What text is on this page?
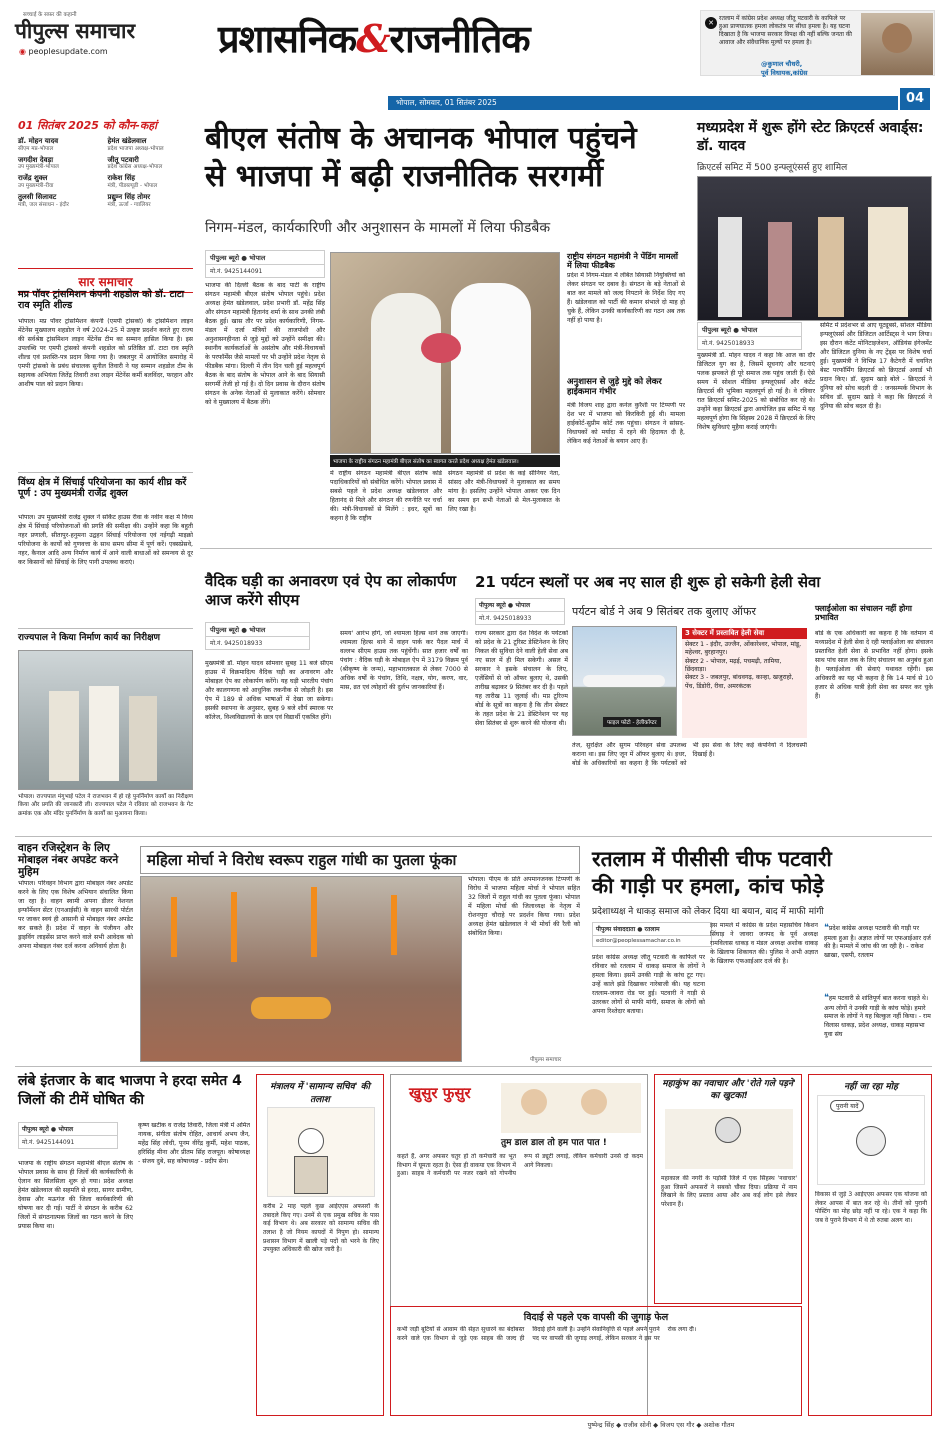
सच्चाई के सफ़र की कहानी
पीपुल्स समाचार
◉ peoplesupdate.com	प्रशासनिक&राजनीतिक
भोपाल, सोमवार, 01 सितंबर 2025	04
✕
रतलाम में कांग्रेस प्रदेश अध्यक्ष जीतू पटवारी के काफिले पर हुआ प्राणघातक हमला लोकतंत्र पर सीधा हमला है। यह घटना दिखाता है कि भाजपा सरकार विपक्ष की नहीं बल्कि जनता की आवाज और संवैधानिक मूल्यों पर हमला है।
@कुणाल चौधरी,
पूर्व विधायक,कांग्रेस
01 सितंबर 2025 को कौन-कहां
डॉ. मोहन यादव
सीएम मप्र-भोपाल
हेमंत खंडेलवाल
प्रदेश भाजपा अध्यक्ष-भोपाल
जगदीश देवड़ा
उप मुख्यमंत्री-भोपाल
जीतू पटवारी
प्रदेश कांग्रेस अध्यक्ष-भोपाल
राजेंद्र शुक्ल
उप मुख्यमंत्री-रीवा
राकेश सिंह
मंत्री, पीडब्ल्यूडी - भोपाल
तुलसी सिलावट
मंत्री, जल संसाधन - इंदौर
प्रद्युम्न सिंह तोमर
मंत्री, ऊर्जा - ग्वालियर
सार समाचार
मप्र पॉवर ट्रांसमिशन कंपनी शहडोल को डॉ. टाटा राव स्मृति शील्ड
भोपाल। मप्र पॉवर ट्रांसमिशन कंपनी (एमपी ट्रांसको) के ट्रांसमिशन लाइन मेंटेनेंस मुख्यालय शहडोल ने वर्ष 2024-25 में उत्कृष्ट प्रदर्शन करते हुए राज्य की सर्वश्रेष्ठ ट्रांसमिशन लाइन मेंटेनेंस टीम का सम्मान हासिल किया है। इस उपलब्धि पर एमपी ट्रांसको कंपनी शहडोल को प्रतिष्ठित डॉ. टाटा राव स्मृति शील्ड एवं प्रशस्ति-पत्र प्रदान किया गया है। जबलपुर में आयोजित समारोह में एमपी ट्रांसको के प्रबंध संचालक सुनील तिवारी ने यह सम्मान शहडोल टीम के सहायक अभियंता जितेंद्र तिवारी तथा लाइन मेंटेनेंस कर्मी बलविंदर, फरहान और आशीष पाल को प्रदान किया।
विंध्य क्षेत्र में सिंचाई परियोजना का कार्य शीघ्र करें पूर्ण : उप मुख्यमंत्री राजेंद्र शुक्ल
भोपाल। उप मुख्यमंत्री राजेंद्र शुक्ल ने सर्किट हाउस रीवा के नवीन कक्ष में विंध्य क्षेत्र में सिंचाई परियोजनाओं की प्रगति की समीक्षा की। उन्होंने कहा कि बहुती नहर प्रणाली, सीतापुर-हनुमना उद्वहन सिंचाई परियोजना एवं नईगढ़ी माइक्रो परियोजना के कार्यों को गुणवत्ता के साथ समय सीमा में पूर्ण करें। एक्सप्रेसवे, नहर, कैनाल आदि अन्य निर्माण कार्य में आने वाली बाधाओं को समन्वय से दूर कर किसानों को सिंचाई के लिए पानी उपलब्ध कराएं।
राज्यपाल ने किया निर्माण कार्य का निरीक्षण
भोपाल। राज्यपाल मंगुभाई पटेल ने राजभवन में हो रहे पुनर्निर्माण कार्यों का निरीक्षण किया और प्रगति की जानकारी ली। राज्यपाल पटेल ने रविवार को राजभवन के गेट क्रमांक एक और मंदिर पुनर्निर्माण के कार्यों का मुआयना किया।
बीएल संतोष के अचानक भोपाल पहुंचने
से भाजपा में बढ़ी राजनीतिक सरगर्मी
निगम-मंडल, कार्यकारिणी और अनुशासन के मामलों में लिया फीडबैक
पीपुल्स ब्यूरो ● भोपाल
मो.नं. 9425144091
भाजपा की दिल्ली बैठक के बाद पार्टी के राष्ट्रीय संगठन महामंत्री बीएल संतोष भोपाल पहुंचे। प्रदेश अध्यक्ष हेमंत खंडेलवाल, प्रदेश प्रभारी डॉ. महेंद्र सिंह और संगठन महामंत्री हितानंद शर्मा के साथ उनकी लंबी बैठक हुई। खास तौर पर प्रदेश कार्यकारिणी, निगम-मंडल में दर्जा मंत्रियों की ताजपोशी और अनुशासनहीनता से जुड़े मुद्दों को उन्होंने समीक्षा की। स्थानीय कार्यकर्ताओं के असंतोष और मंत्री-विधायकों के परफॉर्मेंस जैसे मामलों पर भी उन्होंने प्रदेश नेतृत्व से फीडबैक मांगा। दिल्ली में तीन दिन चली हुई महत्वपूर्ण बैठक के बाद संतोष के भोपाल आने के बाद सियासी सरगर्मी तेजी हो गई है। दो दिन प्रवास के दौरान संतोष संगठन के अनेक नेताओं से मुलाकात करेंगे। सोमवार को वे मुख्यालय में बैठक लेंगे।
भाजपा के राष्ट्रीय संगठन महामंत्री बीएल संतोष का स्वागत करते प्रदेश अध्यक्ष हेमंत खंडेलवाल।
में राष्ट्रीय संगठन महामंत्री बीएल संतोष कोर्ड पदाधिकारियों को संबोधित करेंगे। भोपाल प्रवास में सबसे पहले वे प्रदेश अध्यक्ष खंडेलवाल और हितानंद से मिले और संगठन की रणनीति पर चर्चा की। मंत्री-विधायकों से मिलेंगे : इधर, सूत्रों का कहना है कि राष्ट्रीय
संगठन महामंत्री से प्रदेश के कई सीनियर नेता, सांसद और मंत्री-विधायकों ने मुलाकात का समय मांगा है। इसलिए उन्होंने भोपाल आकर एक दिन का समय इन सभी नेताओं से मेल-मुलाकात के लिए रखा है।
राष्ट्रीय संगठन महामंत्री ने पेंडिंग मामलों में लिया फीडबैक
प्रदेश में निगम-मंडल में लंबित सियासी नियुक्तियों को लेकर संगठन पर दबाव है। संगठन के बड़े नेताओं से बात कर मामले को जल्द निपटाने के निर्देश दिए गए हैं। खंडेलवाल को पार्टी की कमान संभाले दो माह हो चुके हैं, लेकिन उनकी कार्यकारिणी का गठन अब तक नहीं हो पाया है।
अनुशासन से जुड़े मुद्दे को लेकर हाईकमान गंभीर
मंत्री विजय शाह द्वारा कर्नल कुरैशी पर टिप्पणी पर देश भर में भाजपा को किरकिरी हुई थी। मामला हाईकोर्ट-सुप्रीम कोर्ट तक पहुंचा। संगठन ने सांसद-विधायकों को मर्यादा में रहने की हिदायत दी है, लेकिन कई नेताओं के बयान आए हैं।
मध्यप्रदेश में शुरू होंगे स्टेट क्रिएटर्स अवार्ड्स: डॉ. यादव
क्रिएटर्स समिट में 500 इन्फ्लूएंसर्स हुए शामिल
पीपुल्स ब्यूरो ● भोपाल
मो.नं. 9425018933
मुख्यमंत्री डॉ. मोहन यादव ने कहा कि आज का दौर डिजिटल युग का है, जिसमें सूचनाएं और घटनाएं पलक झपकते ही पूरे समाज तक पहुंच जाती हैं। ऐसे समय में सोशल मीडिया इन्फ्लूएंसर्स और कंटेंट क्रिएटर्स की भूमिका महत्वपूर्ण हो गई है। वे रविवार रात क्रिएटर्स समिट-2025 को संबोधित कर रहे थे। उन्होंने कहा क्रिएटर्स द्वारा आयोजित इस समिट में यह महत्वपूर्ण होगा कि सिंहस्थ 2028 में क्रिएटर्स के लिए विशेष सुविधाएं मुहैया कराई जाएंगी।
समिट में प्रदेशभर से आए यूट्यूबर्स, सोशल मीडिया इन्फ्लूएंसर्स और डिजिटल आर्टिस्ट्स ने भाग लिया। इस दौरान कंटेंट मोनिटाइजेशन, ऑडियंस इंगेजमेंट और डिजिटल दुनिया के नए ट्रेंड्स पर विशेष चर्चा हुई। मुख्यमंत्री ने विभिन्न 17 कैटेगरी में चयनित बेस्ट परफॉर्मिंग क्रिएटर्स को क्रिएटर्स अवार्ड भी प्रदान किए। डॉ. सुदाम खाड़े बोले - क्रिएटर्स ने दुनिया को सोच बदली दी : जनसम्पर्क विभाग के सचिव डॉ. सुदाम खाड़े ने कहा कि क्रिएटर्स ने दुनिया की सोच बदल दी है।
वैदिक घड़ी का अनावरण एवं ऐप का लोकार्पण आज करेंगे सीएम
पीपुल्स ब्यूरो ● भोपाल
मो.नं. 9425018933
मुख्यमंत्री डॉ. मोहन यादव सोमवार सुबह 11 बजे सीएम हाउस में विक्रमादित्य वैदिक घड़ी का अनावरण और मोबाइल ऐप का लोकार्पण करेंगे। यह घड़ी भारतीय पंचांग और कालगणना को आधुनिक तकनीक से जोड़ती है। इस ऐप में 189 से अधिक भाषाओं में देखा जा सकेगा। इसकी स्थापना के अनुसार, सुबह 9 बजे शौर्य स्मारक पर कॉलेज, विश्वविद्यालयों के छात्र एवं विद्यार्थी एकत्रित होंगे।
समय' आरंभ होंगे, जो श्यामला हिल्स थाने तक जाएगी। श्यामला हिल्स थाने में वाहन पार्क कर पैदल मार्च में वल्लभ सीएम हाउस तक पहुंचेंगी। सात हजार वर्षों का पंचांग : वैदिक घड़ी के मोबाइल ऐप में 3179 विक्रम पूर्व (श्रीकृष्ण के जन्म), महाभारतकाल से लेकर 7000 से अधिक वर्षों के पंचांग, तिथि, नक्षत्र, योग, करण, वार, मास, व्रत एवं त्योहारों की दुर्लभ जानकारियां हैं।
21 पर्यटन स्थलों पर अब नए साल ही शुरू हो सकेगी हेली सेवा
पीपुल्स ब्यूरो ● भोपाल
मो.नं. 9425018933
पर्यटन बोर्ड ने अब 9 सितंबर तक बुलाए ऑफर
राज्य सरकार द्वारा देश विदेश के पर्यटकों को प्रदेश के 21 टूरिस्ट डेस्टिनेशन के लिए निकल की सुविधा देने वाली हेली सेवा अब नए साल में ही मिल सकेगी। असल में सरकार ने इसके संचालन के लिए, एजेंसियों से जो ऑफर बुलाए थे, उसकी तारीख बढ़ाकर 9 सितंबर कर दी है। पहले यह तारीख 11 जुलाई थी। मप्र टूरिज्म बोर्ड के सूत्रों का कहना है कि तीन सेक्टर के तहत प्रदेश के 21 डेस्टिनेशन पर यह सेवा सितंबर से शुरू करने की योजना थी।	फाइल फोटो - हेलीकॉप्टर
3 सेक्टर में प्रस्तावित हेली सेवा
सेक्टर 1 - इंदौर, उज्जैन, ओंकारेश्वर, भोपाल, मांडू, महेश्वर, बुरहानपुर।
सेक्टर 2 - भोपाल, मढ़ई, पचमढ़ी, तामिया, छिंदवाड़ा।
सेक्टर 3 - जबलपुर, बांधवगढ़, कान्हा, खजुराहो, पेंच, डिंडोरी, रीवा, अमरकंटक
तेज, सुरक्षित और सुगम परिवहन सेवा उपलब्ध कराना था। इस लिए जून में ऑफर बुलाए थे। इधर, बोर्ड के अधिकारियों का कहना है कि पर्यटकों को भी इस सेवा के लिए कई कंपनियों ने दिलचस्पी दिखाई है।
फ्लाईओला का संचालन नहीं होगा प्रभावित
बोर्ड के एक अधिकारी का कहना है कि वर्तमान में मध्यप्रदेश में हेली सेवा दे रही फ्लाईओला का संचालन प्रस्तावित हेली सेवा से प्रभावित नहीं होगा। इसके साथ पांच साल तक के लिए संचालन का अनुबंध हुआ है। फ्लाईओला की सेवाएं यथावत रहेंगी। इस अधिकारी का यह भी कहना है कि 14 मार्च से 10 हजार से अधिक यात्री हेली सेवा का सफर कर चुके हैं।
वाहन रजिस्ट्रेशन के लिए मोबाइल नंबर अपडेट करने मुहिम
भोपाल। परिवहन विभाग द्वारा मोबाइल नंबर अपडेट करने के लिए एक विशेष अभियान संचालित किया जा रहा है। वाहन स्वामी अपना डीलर नेशनल इन्फॉर्मेशन सेंटर (एनआईसी) के वाहन सारथी पोर्टल पर जाकर स्वयं ही आसानी से मोबाइल नंबर अपडेट कर सकते हैं। प्रदेश में वाहन के पंजीयन और ड्राइविंग लाइसेंस प्राप्त करने वाले सभी आवेदक को अपना मोबाइल नंबर दर्ज करना अनिवार्य होता है।
महिला मोर्चा ने विरोध स्वरूप राहुल गांधी का पुतला फूंका
भोपाल। पीएम के प्रति अपमानजनक टिप्पणी के विरोध में भाजपा महिला मोर्चा ने भोपाल सहित 32 जिलों में राहुल गांधी का पुतला फूंका। भोपाल में महिला मोर्चा की जिलाध्यक्ष के नेतृत्व में रोशनपुरा चौराहे पर प्रदर्शन किया गया। प्रदेश अध्यक्ष हेमंत खंडेलवाल ने भी मोर्चा की रैली को संबोधित किया।
पीपुल्स समाचार
रतलाम में पीसीसी चीफ पटवारी
की गाड़ी पर हमला, कांच फोड़े
प्रदेशाध्यक्ष ने धाकड़ समाज को लेकर दिया था बयान, बाद में माफी मांगी
पीपुल्स संवाददाता ● रतलाम
editor@peoplessamachar.co.in
प्रदेश कांग्रेस अध्यक्ष जीतू पटवारी के काफिले पर रविवार को रतलाम में धाकड़ समाज के लोगों ने हमला किया। इसमें उनकी गाड़ी के कांच टूट गए। उन्हें काले झंडे दिखाकर नारेबाजी की। यह घटना रतलाम-जावरा रोड पर हुई। पटवारी ने गाड़ी से उतरकर लोगों से माफी मांगी, समाज के लोगों को अपना रिश्तेदार बताया।
इस मामले में कांग्रेस के प्रदेश महासचिव किशन सिंघाड़ ने जावरा जनपद के पूर्व अध्यक्ष रामविलास धाकड़ व मंडल अध्यक्ष अशोक धाकड़ के खिलाफ शिकायत की। पुलिस ने अभी अज्ञात के खिलाफ एफआईआर दर्ज की है।
❝प्रदेश कांग्रेस अध्यक्ष पटवारी की गाड़ी पर हमला हुआ है। अज्ञात लोगों पर एफआईआर दर्ज की है। मामले में जांच की जा रही है। - राकेश खाखा, एसपी, रतलाम
❝हम पटवारी से शांतिपूर्ण बात करना चाहते थे। अन्य लोगों ने उनकी गाड़ी के कांच फोड़े। हमारे समाज के लोगों ने यह बिल्कुल नहीं किया। - राम विलास धाकड़, प्रदेश अध्यक्ष, धाकड़ महासभा युवा संघ
लंबे इंतजार के बाद भाजपा ने हरदा समेत 4 जिलों की टीमें घोषित की
पीपुल्स ब्यूरो ● भोपाल
मो.नं. 9425144091
भाजपा के राष्ट्रीय संगठन महामंत्री बीएल संतोष के भोपाल प्रवास के साथ ही जिलों की कार्यकारिणी के ऐलान का सिलसिला शुरू हो गया। प्रदेश अध्यक्ष हेमंत खंडेलवाल की सहमति से हरदा, सागर ग्रामीण, देवास और मऊगंज की जिला कार्यकारिणी की घोषणा कर दी गई। पार्टी ने संगठन के करीब 62 जिलों में संगठनात्मक जिलों का गठन करने के लिए प्रयास किया था।
कृष्ण खटीक व राजेंद्र तिवारी, जिला मंत्री में अमित नायक, संगीता संतोष रोहित, आचार्य अभय जैन, महेंद्र सिंह लोधी, पूनम वीरेंद्र कुर्मी, महेश पाठक, हरिसिंह मीना और प्रीतम सिंह राजपूत। कोषाध्यक्ष - संजय दुबे, सह कोषाध्यक्ष - प्रदीप सेन।
मंत्रालय में 'सामान्य सचिव' की तलाश
करीब 2 माह पहले कुछ आईएएस अफसरों के तबादले किए गए। उनमें से एक प्रमुख सचिव के पास कई विभाग थे। अब सरकार को सामान्य सचिव की तलाश है जो नियम कायदों में निपुण हो। सामान्य प्रशासन विभाग में खाली पड़े पदों को भरने के लिए उपयुक्त अधिकारी की खोज जारी है।
खुसुर फुसुर
तुम डाल डाल तो हम पात पात !
कहते हैं, अगर अफसर चतुर हो तो कर्मचारी का भूत विभाग में घूमता रहता है। ऐसा ही वाकया एक विभाग में हुआ। साहब ने कर्मचारी पर नजर रखने को गोपनीय रूप से ड्यूटी लगाई, लेकिन कर्मचारी उनसे दो कदम आगे निकला।
महाकुंभ का नवाचार और 'रोते गले पड़ने' का खुटका!
महाकाल की नगरी के पड़ोसी जिले में एक सिंहस्थ 'नवाचार' हुआ जिसमें अफसरों ने सबको चौंका दिया। प्रक्रिया में नाम लिखाने के लिए प्रस्ताव आया और अब कई लोग इसे लेकर परेशान हैं।
नहीं जा रहा मोह
पुरानी यादें
विकास से जुड़े 3 आईएएस अफसर एक योजना को लेकर आपस में बात कर रहे थे। तीनों को पुरानी पोस्टिंग का मोह छोड़ नहीं पा रहे। एक ने कहा कि जब वे पुराने विभाग में थे तो रुतबा अलग था।
विदाई से पहले एक वापसी की जुगाड़ फेल
कभी जड़ी बूटियों से आवाम की सेहत सुधारने का बंदोबस्त करने वाले एक विभाग से जुड़े एक साहब की जल्द ही विदाई होने वाली है। उन्होंने सेवानिवृत्ति से पहले अपने पुराने पद पर वापसी की जुगाड़ लगाई, लेकिन सरकार ने इस पर रोक लगा दी।
पुष्पेन्द्र सिंह ◆ राजीव सोनी ◆ विजय एस गौर ◆ अशोक गौतम
